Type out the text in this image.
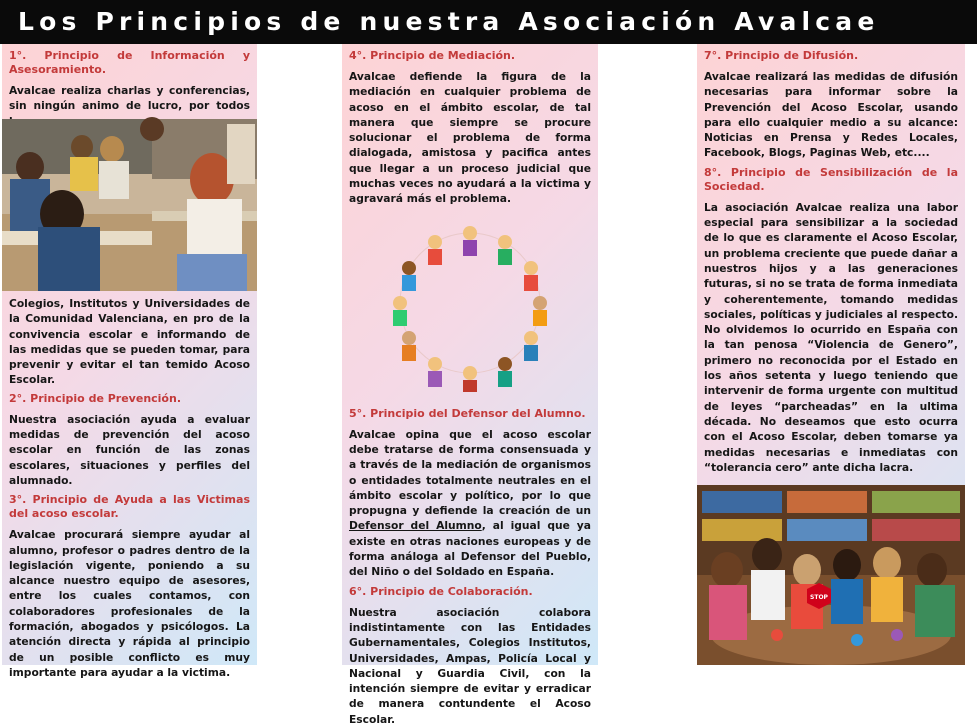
Los Principios de nuestra Asociación Avalcae
1°. Principio de Información y Asesoramiento.
Avalcae realiza charlas y conferencias, sin ningún animo de lucro, por todos
Colegios, Institutos y Universidades de la Comunidad Valenciana, en pro de la convivencia escolar e informando de las medidas que se pueden tomar, para prevenir y evitar el tan temido Acoso Escolar.
2°. Principio de Prevención.
Nuestra asociación ayuda a evaluar medidas de prevención del acoso escolar en función de las zonas escolares, situaciones y perfiles del alumnado.
3°. Principio de Ayuda a las Victimas del acoso escolar.
Avalcae procurará siempre ayudar al alumno, profesor o padres dentro de la legislación vigente, poniendo a su alcance nuestro equipo de asesores, entre los cuales contamos, con colaboradores profesionales de la formación, abogados y psicólogos. La atención directa y rápida al principio de un posible conflicto es muy importante para ayudar a la victima.
4°. Principio de Mediación.
Avalcae defiende la figura de la mediación en cualquier problema de acoso en el ámbito escolar, de tal manera que siempre se procure solucionar el problema de forma dialogada, amistosa y pacifica antes que llegar a un proceso judicial que muchas veces no ayudará a la victima y agravará más el problema.
5°. Principio del Defensor del Alumno.
Avalcae opina que el acoso escolar debe tratarse de forma consensuada y a través de la mediación de organismos o entidades totalmente neutrales en el ámbito escolar y político, por lo que propugna y defiende la creación de un Defensor del Alumno, al igual que ya existe en otras naciones europeas y de forma análoga al Defensor del Pueblo, del Niño o del Soldado en España.
6°. Principio de Colaboración.
Nuestra asociación colabora indistintamente con las Entidades Gubernamentales, Colegios Institutos, Universidades, Ampas, Policía Local y Nacional y Guardia Civil, con la intención siempre de evitar y erradicar de manera contundente el Acoso Escolar.
7°. Principio de Difusión.
Avalcae realizará las medidas de difusión necesarias para informar sobre la Prevención del Acoso Escolar, usando para ello cualquier medio a su alcance: Noticias en Prensa y Redes Locales, Facebook, Blogs, Paginas Web, etc....
8°. Principio de Sensibilización de la Sociedad.
La asociación Avalcae realiza una labor especial para sensibilizar a la sociedad de lo que es claramente el Acoso Escolar, un problema creciente que puede dañar a nuestros hijos y a las generaciones futuras, si no se trata de forma inmediata y coherentemente, tomando medidas sociales, políticas y judiciales al respecto. No olvidemos lo ocurrido en España con la tan penosa “Violencia de Genero”, primero no reconocida por el Estado en los años setenta y luego teniendo que intervenir de forma urgente con multitud de leyes “parcheadas” en la ultima década. No deseamos que esto ocurra con el Acoso Escolar, deben tomarse ya medidas necesarias e inmediatas con “tolerancia cero” ante dicha lacra.
STOP
